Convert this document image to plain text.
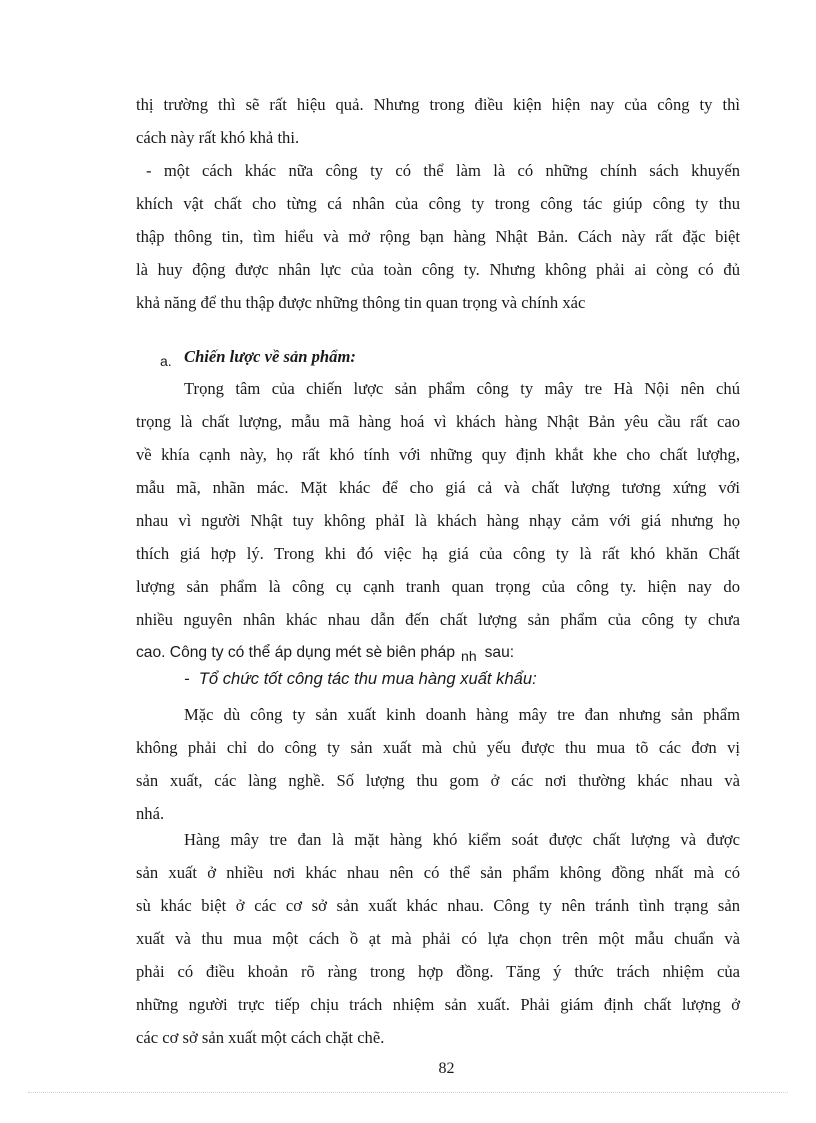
thị trường thì sẽ rất hiệu quả. Nhưng trong điều kiện hiện nay của công ty thì
cách này rất khó khả thi.
- một cách khác nữa công ty có thể làm là có những chính sách khuyến
khích vật chất cho từng cá nhân của công ty trong công tác giúp công ty thu
thập thông tin, tìm hiểu và mở rộng bạn hàng Nhật Bản. Cách này rất đặc biệt
là huy động được nhân lực của toàn công ty. Nhưng không phải ai còng có đủ
khả năng để thu thập được những thông tin quan trọng và chính xác
a. Chiến lược về sản phẩm:
Trọng tâm của chiến lược sản phẩm công ty mây tre Hà Nội nên chú
trọng là chất lượng, mẫu mã hàng hoá vì khách hàng Nhật Bản yêu cầu rất cao
về khía cạnh này, họ rất khó tính với những quy định khắt khe cho chất lượhg,
mẫu mã, nhãn mác. Mặt khác để cho giá cả và chất lượng tương xứng với
nhau vì người Nhật tuy không phảI là khách hàng nhạy cảm với giá nhưng họ
thích giá hợp lý. Trong khi đó việc hạ giá của công ty là rất khó khăn Chất
lượng sản phẩm là công cụ cạnh tranh quan trọng của công ty. hiện nay do
nhiều nguyên nhân khác nhau dẫn đến chất lượng sản phẩm của công ty chưa
cao. Công ty có thể áp dụng mét sè biên pháp nh sau:
- Tổ chức tốt công tác thu mua hàng xuất khẩu:
Mặc dù công ty sản xuất kinh doanh hàng mây tre đan nhưng sản phẩm
không phải chỉ do công ty sản xuất mà chủ yếu được thu mua tõ các đơn vị
sản xuất, các làng nghề. Số lượng thu gom ở các nơi thường khác nhau và
nhá.
Hàng mây tre đan là mặt hàng khó kiểm soát được chất lượng và được
sản xuất ở nhiều nơi khác nhau nên có thể sản phẩm không đồng nhất mà có
sù khác biệt ở các cơ sở sản xuất khác nhau. Công ty nên tránh tình trạng sản
xuất và thu mua một cách ồ ạt mà phải có lựa chọn trên một mẫu chuẩn và
phải có điều khoản rõ ràng trong hợp đồng. Tăng ý thức trách nhiệm của
những người trực tiếp chịu trách nhiệm sản xuất. Phải giám định chất lượng ở
các cơ sở sản xuất một cách chặt chẽ.
82
